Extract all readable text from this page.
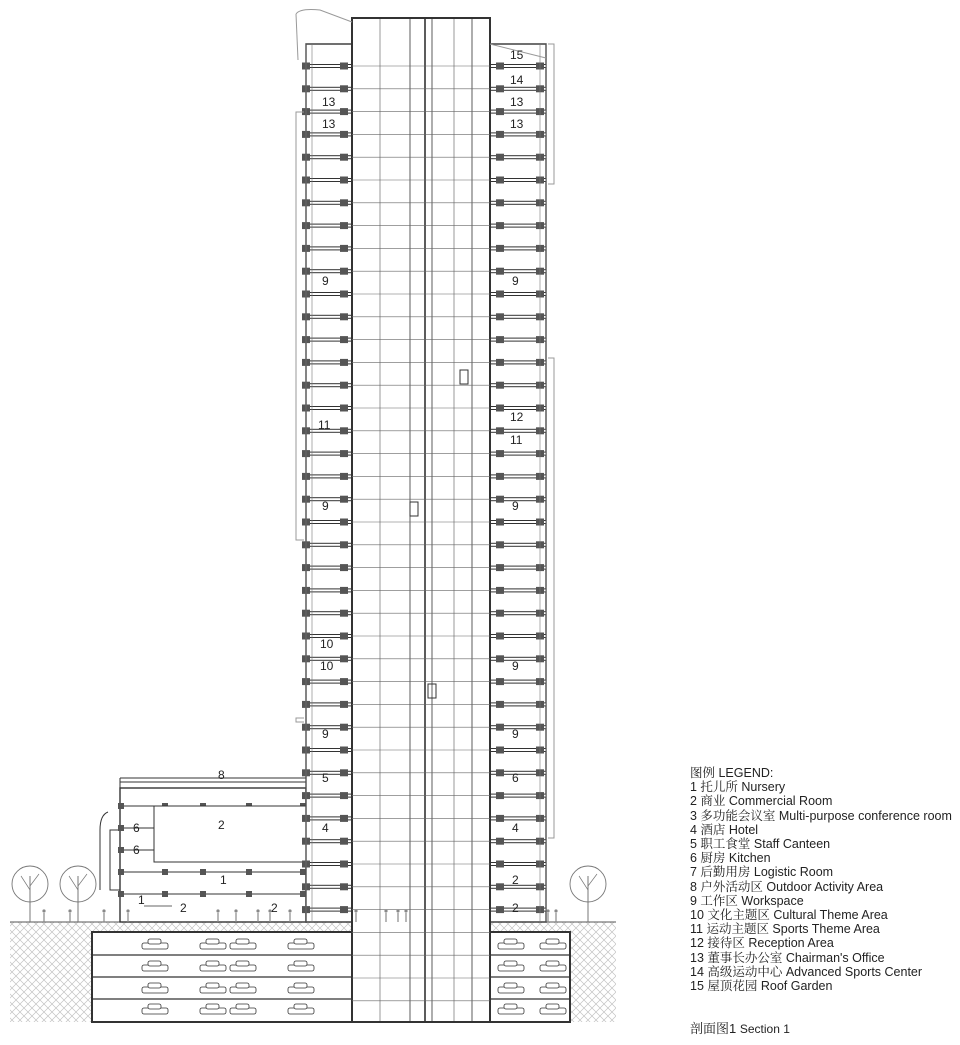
15
14
13	13
13	13
9	9
11
12
11
9	9
10
10	9
9	9
8	5	6
2	4	4
6
6
1	2
1
2	2	2
图例 LEGEND:
1 托儿所 Nursery
2 商业 Commercial Room
3 多功能会议室 Multi-purpose conference room
4 酒店 Hotel
5 职工食堂 Staff Canteen
6 厨房 Kitchen
7 后勤用房 Logistic Room
8 户外活动区 Outdoor Activity Area
9 工作区 Workspace
10 文化主题区 Cultural Theme Area
11 运动主题区 Sports Theme Area
12 接待区 Reception Area
13 董事长办公室 Chairman's Office
14 高级运动中心 Advanced Sports Center
15 屋顶花园 Roof Garden
剖面图1 Section 1
